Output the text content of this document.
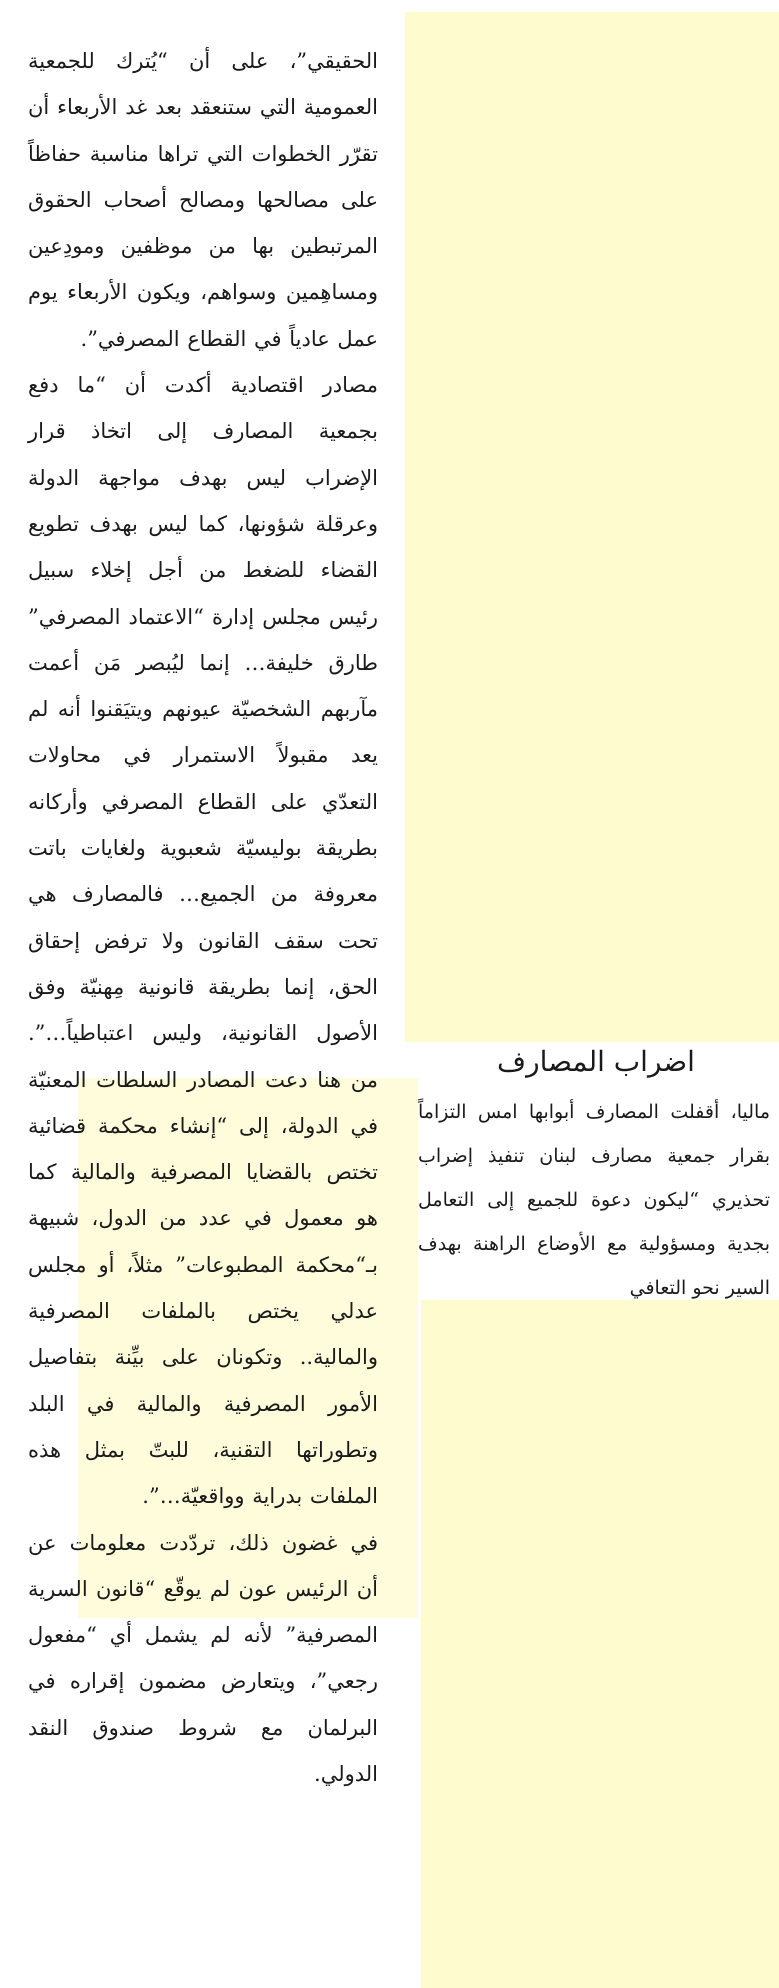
الحقيقي”، على أن “يُترك للجمعية العمومية التي ستنعقد بعد غد الأربعاء أن تقرّر الخطوات التي تراها مناسبة حفاظاً على مصالحها ومصالح أصحاب الحقوق المرتبطين بها من موظفين ومودِعين ومساهِمين وسواهم، ويكون الأربعاء يوم عمل عادياً في القطاع المصرفي”.

مصادر اقتصادية أكدت أن “ما دفع بجمعية المصارف إلى اتخاذ قرار الإضراب ليس بهدف مواجهة الدولة وعرقلة شؤونها، كما ليس بهدف تطويع القضاء للضغط من أجل إخلاء سبيل رئيس مجلس إدارة “الاعتماد المصرفي” طارق خليفة… إنما ليُبصر مَن أعمت مآربهم الشخصيّة عيونهم ويتيَقنوا أنه لم يعد مقبولاً الاستمرار في محاولات التعدّي على القطاع المصرفي وأركانه بطريقة بوليسيّة شعبوية ولغايات باتت معروفة من الجميع… فالمصارف هي تحت سقف القانون ولا ترفض إحقاق الحق، إنما بطريقة قانونية مِهنيّة وفق الأصول القانونية، وليس اعتباطياً…”. من هنا دعت المصادر السلطات المعنيّة في الدولة، إلى “إنشاء محكمة قضائية تختص بالقضايا المصرفية والمالية كما هو معمول في عدد من الدول، شبيهة بـ“محكمة المطبوعات” مثلاً، أو مجلس عدلي يختص بالملفات المصرفية والمالية.. وتكونان على بيِّنة بتفاصيل الأمور المصرفية والمالية في البلد وتطوراتها التقنية، للبتّ بمثل هذه الملفات بدراية وواقعيّة…”.

في غضون ذلك، تردّدت معلومات عن أن الرئيس عون لم يوقّع “قانون السرية المصرفية” لأنه لم يشمل أي “مفعول رجعي”، ويتعارض مضمون إقراره في البرلمان مع شروط صندوق النقد الدولي.

اضراب المصارف

ماليا، أقفلت المصارف أبوابها امس التزاماً بقرار جمعية مصارف لبنان تنفيذ إضراب تحذيري “ليكون دعوة للجميع إلى التعامل بجدية ومسؤولية مع الأوضاع الراهنة بهدف السير نحو التعافي
